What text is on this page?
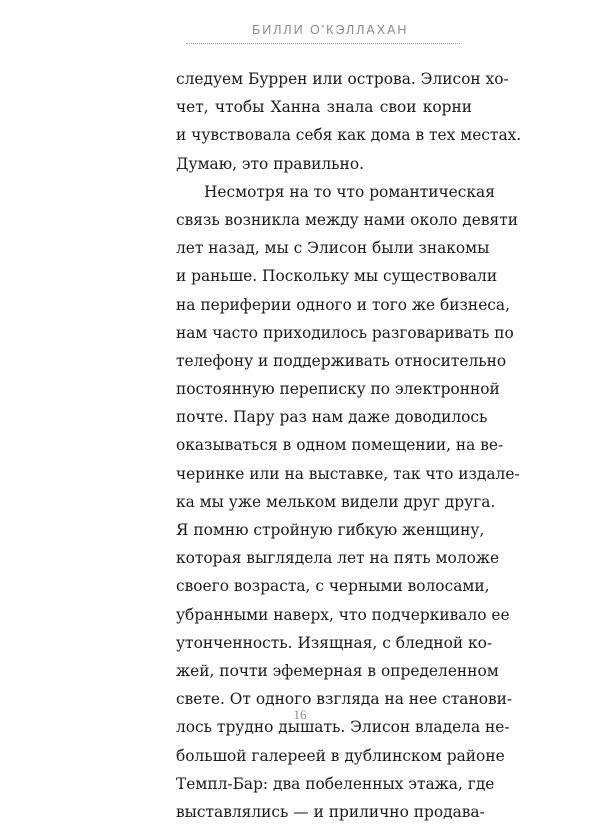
БИЛЛИ О'КЭЛЛАХАН
следуем Буррен или острова. Элисон хо-
чет, чтобы Ханна знала свои корни
и чувствовала себя как дома в тех местах.
Думаю, это правильно.
Несмотря на то что романтическая
связь возникла между нами около девяти
лет назад, мы с Элисон были знакомы
и раньше. Поскольку мы существовали
на периферии одного и того же бизнеса,
нам часто приходилось разговаривать по
телефону и поддерживать относительно
постоянную переписку по электронной
почте. Пару раз нам даже доводилось
оказываться в одном помещении, на ве-
черинке или на выставке, так что издале-
ка мы уже мельком видели друг друга.
Я помню стройную гибкую женщину,
которая выглядела лет на пять моложе
своего возраста, с черными волосами,
убранными наверх, что подчеркивало ее
утонченность. Изящная, с бледной ко-
жей, почти эфемерная в определенном
свете. От одного взгляда на нее станови-
лось трудно дышать. Элисон владела не-
большой галереей в дублинском районе
Темпл-Бар: два побеленных этажа, где
выставлялись — и прилично продава-
16
